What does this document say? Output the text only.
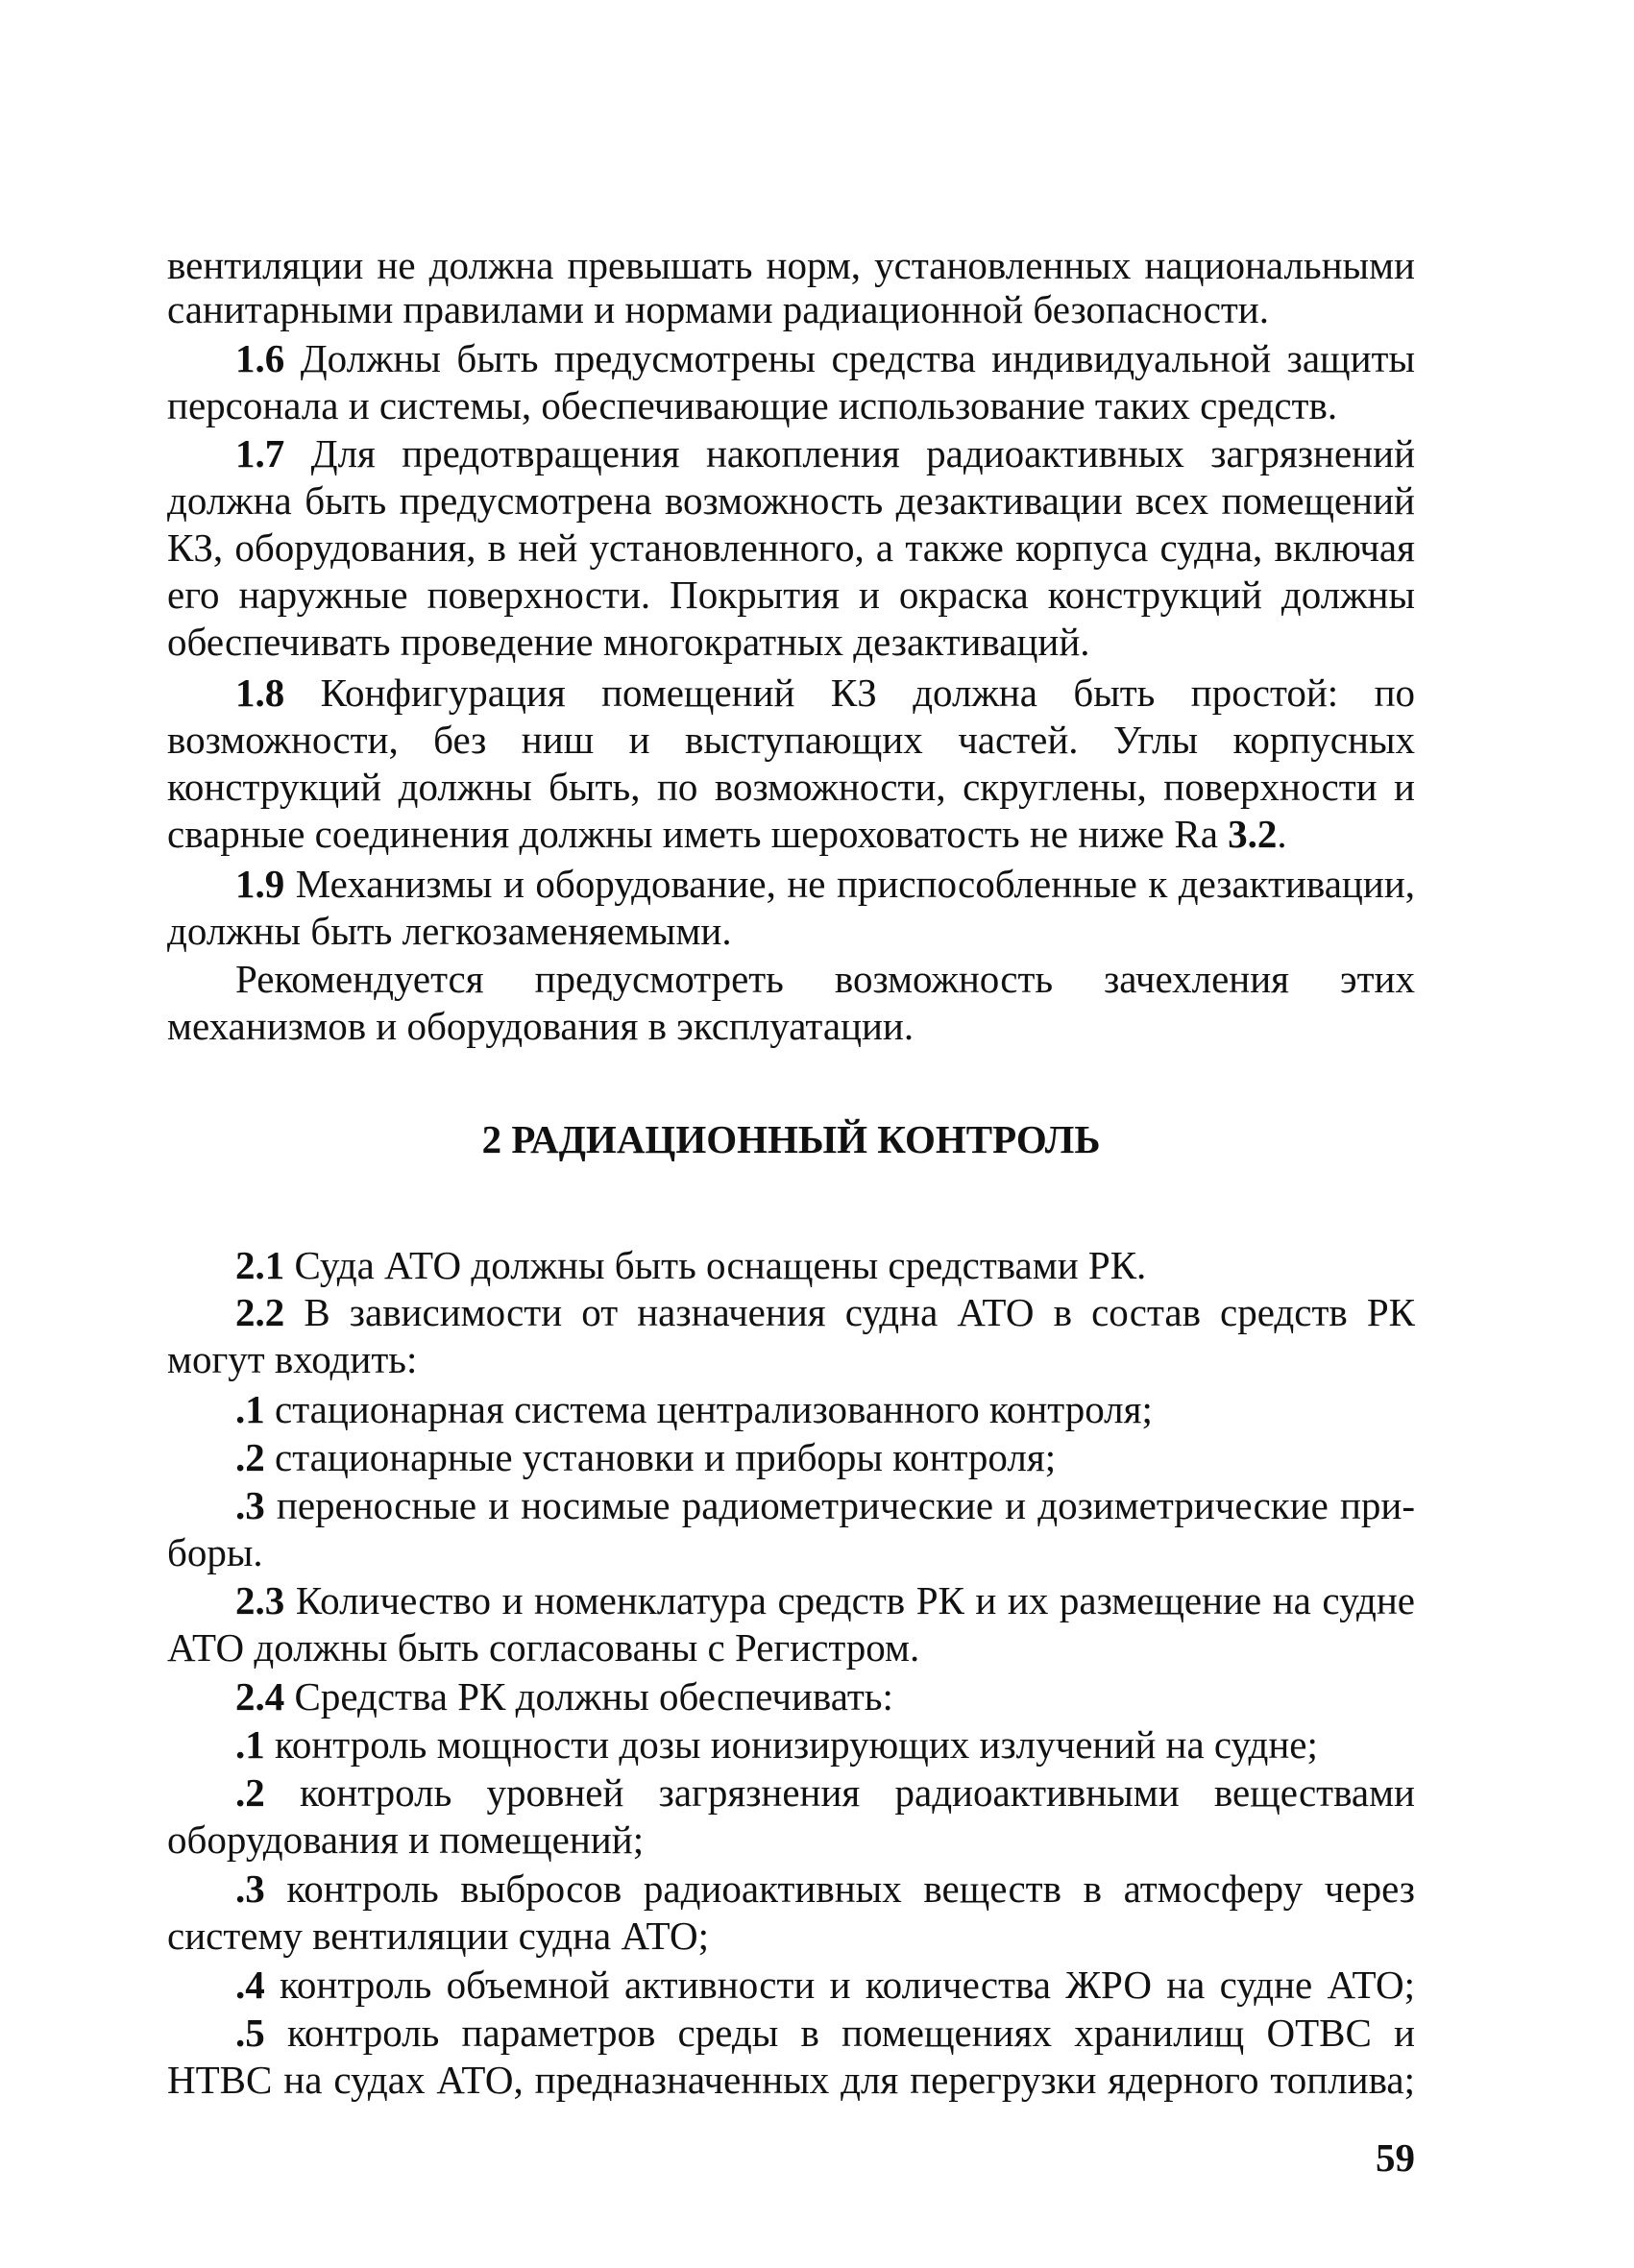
вентиляции не должна превышать норм, установленных национальными
санитарными правилами и нормами радиационной безопасности.
1.6 Должны быть предусмотрены средства индивидуальной защиты
персонала и системы, обеспечивающие использование таких средств.
1.7 Для предотвращения накопления радиоактивных загрязнений
должна быть предусмотрена возможность дезактивации всех помещений
КЗ, оборудования, в ней установленного, а также корпуса судна, включая
его наружные поверхности. Покрытия и окраска конструкций должны
обеспечивать проведение многократных дезактиваций.
1.8 Конфигурация помещений КЗ должна быть простой: по
возможности, без ниш и выступающих частей. Углы корпусных
конструкций должны быть, по возможности, скруглены, поверхности и
сварные соединения должны иметь шероховатость не ниже Ra 3.2.
1.9 Механизмы и оборудование, не приспособленные к дезактивации,
должны быть легкозаменяемыми.
Рекомендуется предусмотреть возможность зачехления этих
механизмов и оборудования в эксплуатации.
2 РАДИАЦИОННЫЙ КОНТРОЛЬ
2.1 Суда АТО должны быть оснащены средствами РК.
2.2 В зависимости от назначения судна АТО в состав средств РК
могут входить:
.1 стационарная система централизованного контроля;
.2 стационарные установки и приборы контроля;
.3 переносные и носимые радиометрические и дозиметрические при-
боры.
2.3 Количество и номенклатура средств РК и их размещение на судне
АТО должны быть согласованы с Регистром.
2.4 Средства РК должны обеспечивать:
.1 контроль мощности дозы ионизирующих излучений на судне;
.2 контроль уровней загрязнения радиоактивными веществами
оборудования и помещений;
.3 контроль выбросов радиоактивных веществ в атмосферу через
систему вентиляции судна АТО;
.4 контроль объемной активности и количества ЖРО на судне АТО;
.5 контроль параметров среды в помещениях хранилищ ОТВС и
НТВС на судах АТО, предназначенных для перегрузки ядерного топлива;
59
